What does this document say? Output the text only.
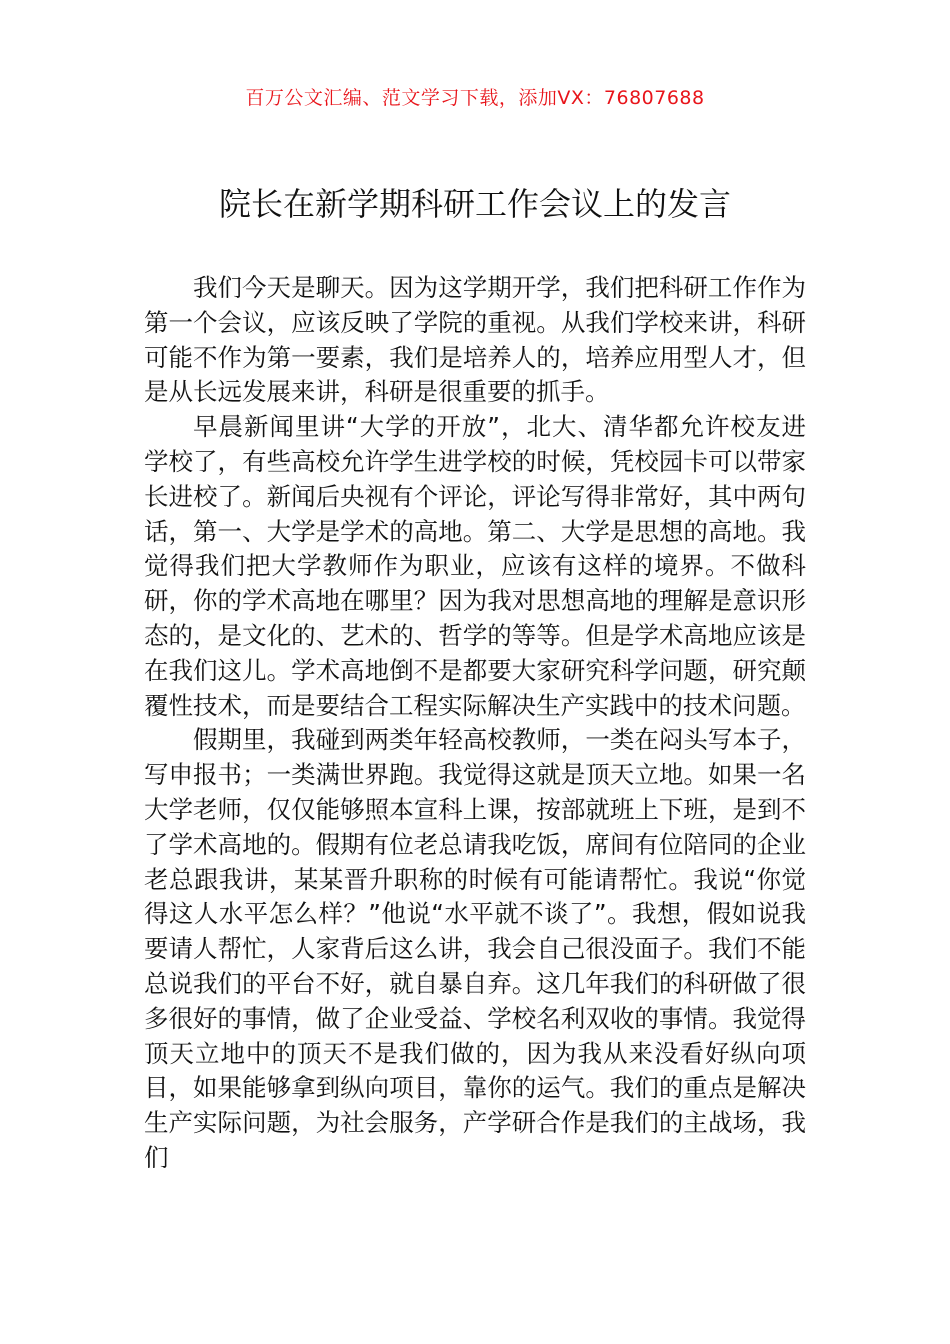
百万公文汇编、范文学习下载，添加VX：76807688
院长在新学期科研工作会议上的发言

我们今天是聊天。因为这学期开学，我们把科研工作作为第一个会议，应该反映了学院的重视。从我们学校来讲，科研可能不作为第一要素，我们是培养人的，培养应用型人才，但是从长远发展来讲，科研是很重要的抓手。

早晨新闻里讲“大学的开放”，北大、清华都允许校友进学校了，有些高校允许学生进学校的时候，凭校园卡可以带家长进校了。新闻后央视有个评论，评论写得非常好，其中两句话，第一、大学是学术的高地。第二、大学是思想的高地。我觉得我们把大学教师作为职业，应该有这样的境界。不做科研，你的学术高地在哪里？因为我对思想高地的理解是意识形态的，是文化的、艺术的、哲学的等等。但是学术高地应该是在我们这儿。学术高地倒不是都要大家研究科学问题，研究颠覆性技术，而是要结合工程实际解决生产实践中的技术问题。

假期里，我碰到两类年轻高校教师，一类在闷头写本子，写申报书；一类满世界跑。我觉得这就是顶天立地。如果一名大学老师，仅仅能够照本宣科上课，按部就班上下班，是到不了学术高地的。假期有位老总请我吃饭，席间有位陪同的企业老总跟我讲，某某晋升职称的时候有可能请帮忙。我说“你觉得这人水平怎么样？”他说“水平就不谈了”。我想，假如说我要请人帮忙，人家背后这么讲，我会自己很没面子。我们不能总说我们的平台不好，就自暴自弃。这几年我们的科研做了很多很好的事情，做了企业受益、学校名利双收的事情。我觉得顶天立地中的顶天不是我们做的，因为我从来没看好纵向项目，如果能够拿到纵向项目，靠你的运气。我们的重点是解决生产实际问题，为社会服务，产学研合作是我们的主战场，我们
